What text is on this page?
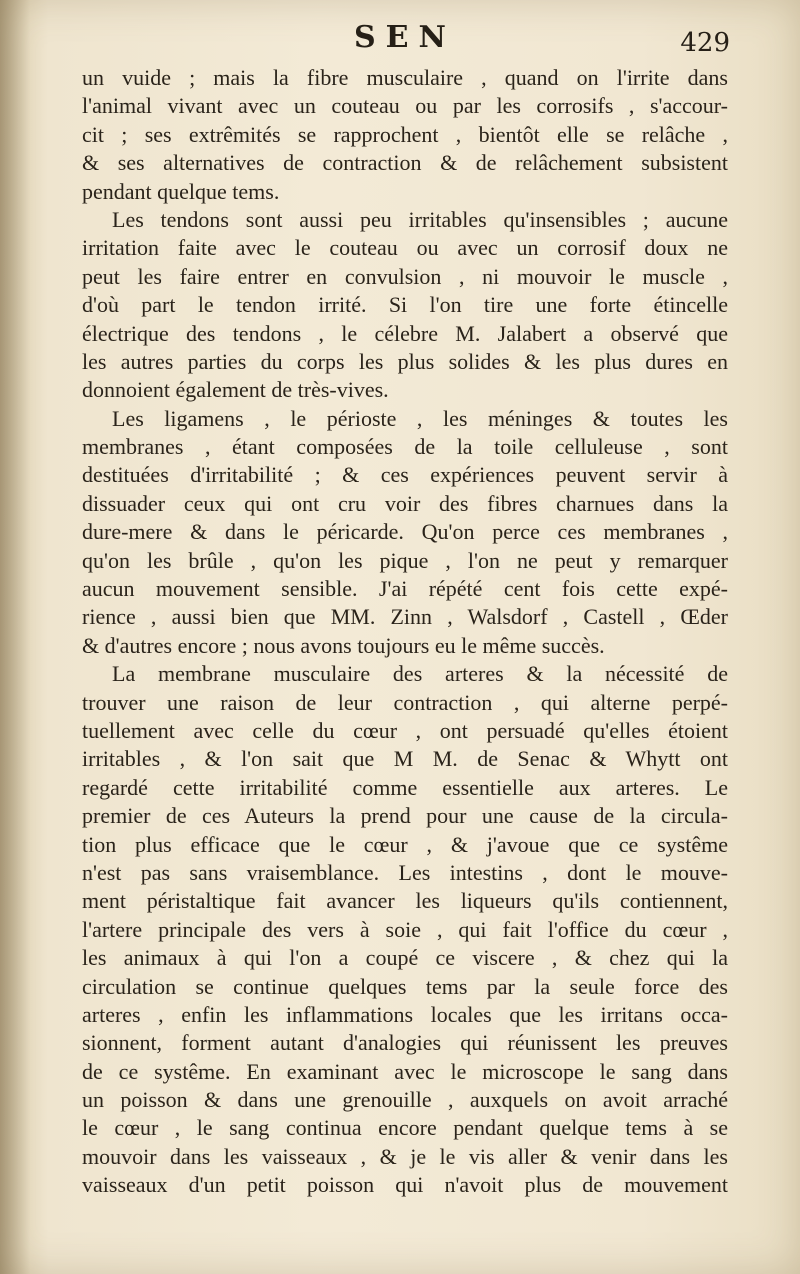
SEN	429
un vuide ; mais la fibre musculaire , quand on l'irrite dans
l'animal vivant avec un couteau ou par les corrosifs , s'accour-
cit ; ses extrêmités se rapprochent , bientôt elle se relâche ,
& ses alternatives de contraction & de relâchement subsistent
pendant quelque tems.
Les tendons sont aussi peu irritables qu'insensibles ; aucune
irritation faite avec le couteau ou avec un corrosif doux ne
peut les faire entrer en convulsion , ni mouvoir le muscle ,
d'où part le tendon irrité. Si l'on tire une forte étincelle
électrique des tendons , le célebre M. Jalabert a observé que
les autres parties du corps les plus solides & les plus dures en
donnoient également de très-vives.
Les ligamens , le périoste , les méninges & toutes les
membranes , étant composées de la toile celluleuse , sont
destituées d'irritabilité ; & ces expériences peuvent servir à
dissuader ceux qui ont cru voir des fibres charnues dans la
dure-mere & dans le péricarde. Qu'on perce ces membranes ,
qu'on les brûle , qu'on les pique , l'on ne peut y remarquer
aucun mouvement sensible. J'ai répété cent fois cette expé-
rience , aussi bien que MM. Zinn , Walsdorf , Castell , Œder
& d'autres encore ; nous avons toujours eu le même succès.
La membrane musculaire des arteres & la nécessité de
trouver une raison de leur contraction , qui alterne perpé-
tuellement avec celle du cœur , ont persuadé qu'elles étoient
irritables , & l'on sait que M M. de Senac & Whytt ont
regardé cette irritabilité comme essentielle aux arteres. Le
premier de ces Auteurs la prend pour une cause de la circula-
tion plus efficace que le cœur , & j'avoue que ce systême
n'est pas sans vraisemblance. Les intestins , dont le mouve-
ment péristaltique fait avancer les liqueurs qu'ils contiennent,
l'artere principale des vers à soie , qui fait l'office du cœur ,
les animaux à qui l'on a coupé ce viscere , & chez qui la
circulation se continue quelques tems par la seule force des
arteres , enfin les inflammations locales que les irritans occa-
sionnent, forment autant d'analogies qui réunissent les preuves
de ce systême. En examinant avec le microscope le sang dans
un poisson & dans une grenouille , auxquels on avoit arraché
le cœur , le sang continua encore pendant quelque tems à se
mouvoir dans les vaisseaux , & je le vis aller & venir dans les
vaisseaux d'un petit poisson qui n'avoit plus de mouvement
